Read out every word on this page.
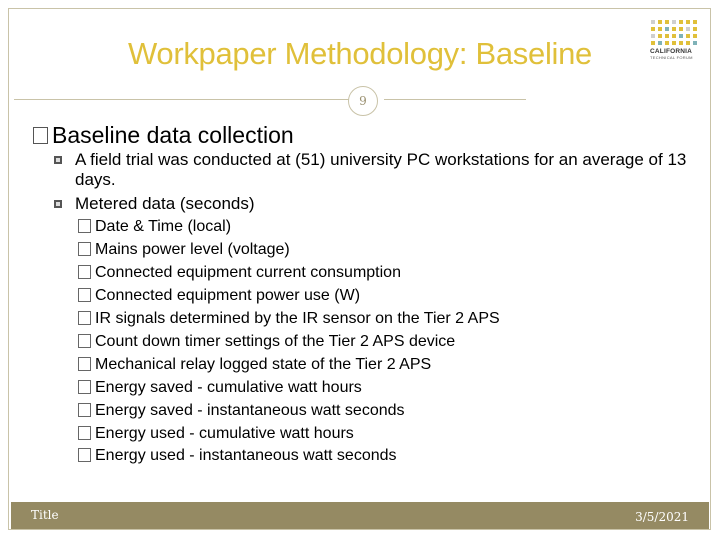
Workpaper Methodology: Baseline	CALIFORNIA
TECHNICAL FORUM
9
Baseline data collection
A field trial was conducted at (51) university PC workstations for an average of 13 days.
Metered data (seconds)
Date & Time (local)
Mains power level (voltage)
Connected equipment current consumption
Connected equipment power use (W)
IR signals determined by the IR sensor on the Tier 2 APS
Count down timer settings of the Tier 2 APS device
Mechanical relay logged state of the Tier 2 APS
Energy saved - cumulative watt hours
Energy saved - instantaneous watt seconds
Energy used - cumulative watt hours
Energy used - instantaneous watt seconds
Title	3/5/2021
